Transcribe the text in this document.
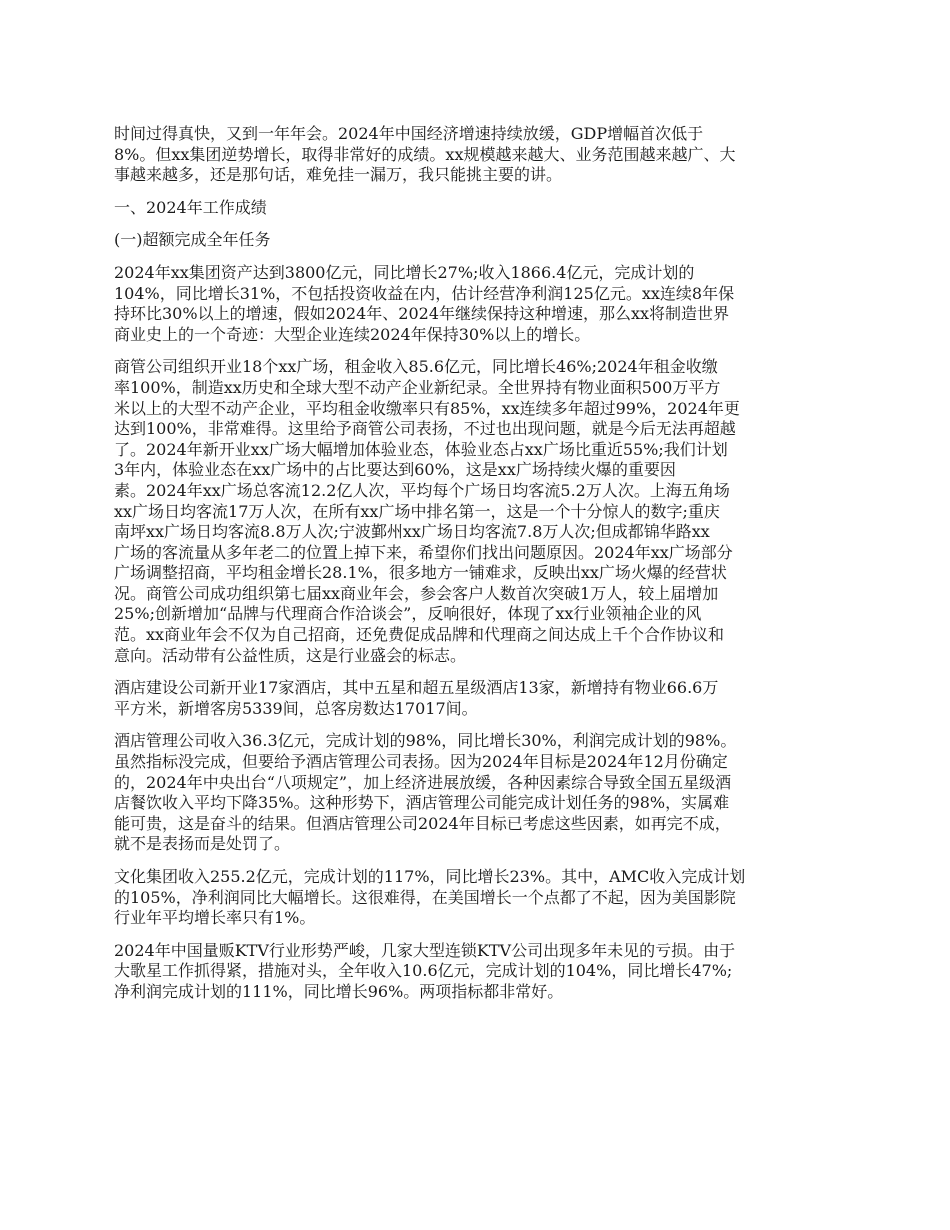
时间过得真快，又到一年年会。2024年中国经济增速持续放缓，GDP增幅首次低于
8%。但xx集团逆势增长，取得非常好的成绩。xx规模越来越大、业务范围越来越广、大
事越来越多，还是那句话，难免挂一漏万，我只能挑主要的讲。

一、2024年工作成绩

(一)超额完成全年任务

2024年xx集团资产达到3800亿元，同比增长27%;收入1866.4亿元，完成计划的
104%，同比增长31%，不包括投资收益在内，估计经营净利润125亿元。xx连续8年保
持环比30%以上的增速，假如2024年、2024年继续保持这种增速，那么xx将制造世界
商业史上的一个奇迹：大型企业连续2024年保持30%以上的增长。

商管公司组织开业18个xx广场，租金收入85.6亿元，同比增长46%;2024年租金收缴
率100%，制造xx历史和全球大型不动产企业新纪录。全世界持有物业面积500万平方
米以上的大型不动产企业，平均租金收缴率只有85%，xx连续多年超过99%，2024年更
达到100%，非常难得。这里给予商管公司表扬，不过也出现问题，就是今后无法再超越
了。2024年新开业xx广场大幅增加体验业态，体验业态占xx广场比重近55%;我们计划
3年内，体验业态在xx广场中的占比要达到60%，这是xx广场持续火爆的重要因
素。2024年xx广场总客流12.2亿人次，平均每个广场日均客流5.2万人次。上海五角场
xx广场日均客流17万人次，在所有xx广场中排名第一，这是一个十分惊人的数字;重庆
南坪xx广场日均客流8.8万人次;宁波鄞州xx广场日均客流7.8万人次;但成都锦华路xx
广场的客流量从多年老二的位置上掉下来，希望你们找出问题原因。2024年xx广场部分
广场调整招商，平均租金增长28.1%，很多地方一铺难求，反映出xx广场火爆的经营状
况。商管公司成功组织第七届xx商业年会，参会客户人数首次突破1万人，较上届增加
25%;创新增加“品牌与代理商合作洽谈会”，反响很好，体现了xx行业领袖企业的风
范。xx商业年会不仅为自己招商，还免费促成品牌和代理商之间达成上千个合作协议和
意向。活动带有公益性质，这是行业盛会的标志。

酒店建设公司新开业17家酒店，其中五星和超五星级酒店13家，新增持有物业66.6万
平方米，新增客房5339间，总客房数达17017间。

酒店管理公司收入36.3亿元，完成计划的98%，同比增长30%，利润完成计划的98%。
虽然指标没完成，但要给予酒店管理公司表扬。因为2024年目标是2024年12月份确定
的，2024年中央出台“八项规定”，加上经济进展放缓，各种因素综合导致全国五星级酒
店餐饮收入平均下降35%。这种形势下，酒店管理公司能完成计划任务的98%，实属难
能可贵，这是奋斗的结果。但酒店管理公司2024年目标已考虑这些因素，如再完不成，
就不是表扬而是处罚了。

文化集团收入255.2亿元，完成计划的117%，同比增长23%。其中，AMC收入完成计划
的105%，净利润同比大幅增长。这很难得，在美国增长一个点都了不起，因为美国影院
行业年平均增长率只有1%。

2024年中国量贩KTV行业形势严峻，几家大型连锁KTV公司出现多年未见的亏损。由于
大歌星工作抓得紧，措施对头，全年收入10.6亿元，完成计划的104%，同比增长47%;
净利润完成计划的111%，同比增长96%。两项指标都非常好。
